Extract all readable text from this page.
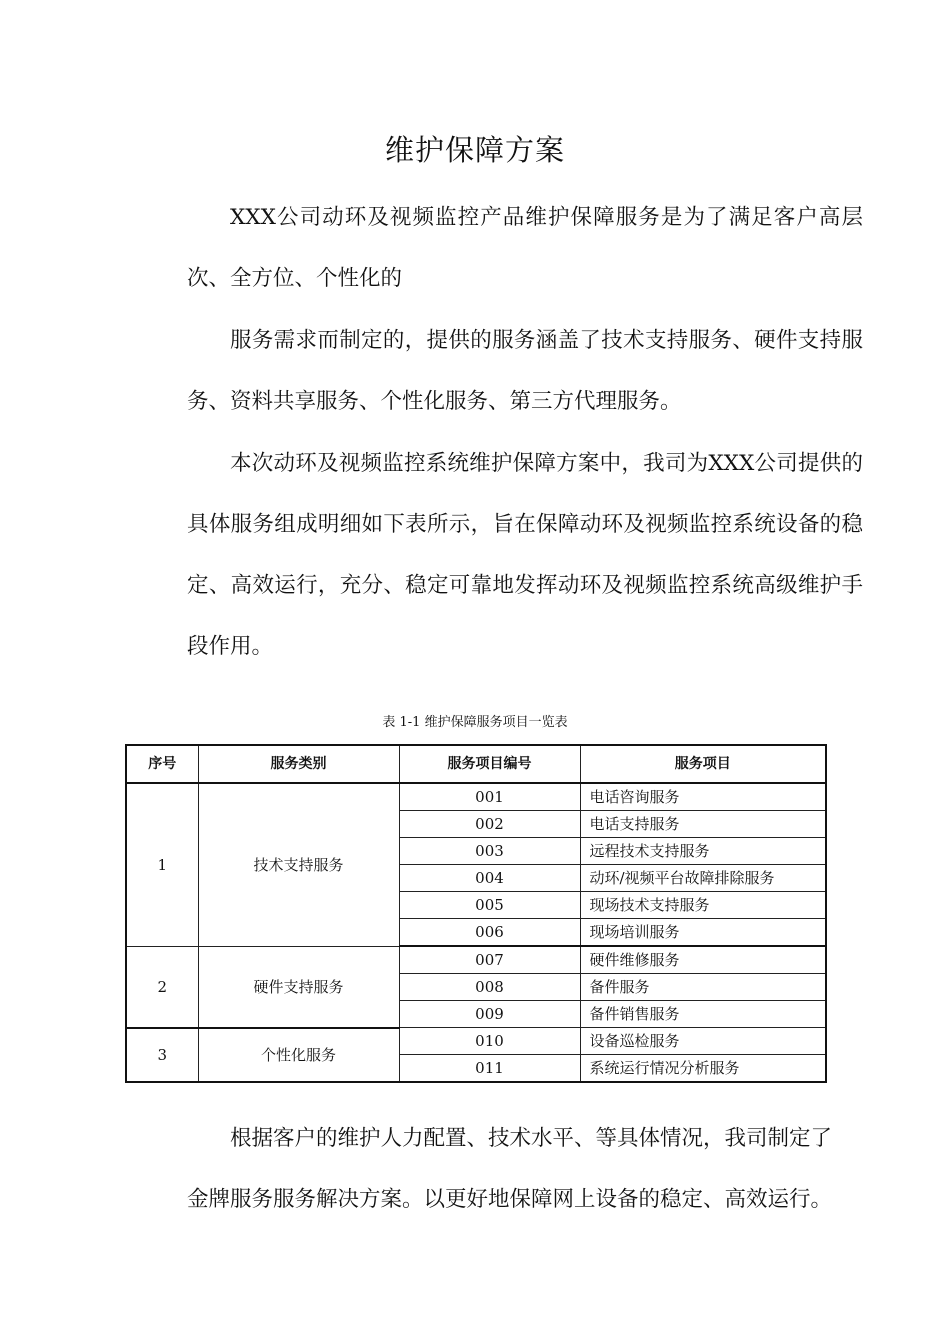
维护保障方案

XXX公司动环及视频监控产品维护保障服务是为了满足客户高层次、全方位、个性化的

服务需求而制定的，提供的服务涵盖了技术支持服务、硬件支持服务、资料共享服务、个性化服务、第三方代理服务。

本次动环及视频监控系统维护保障方案中，我司为XXX公司提供的具体服务组成明细如下表所示，旨在保障动环及视频监控系统设备的稳定、高效运行，充分、稳定可靠地发挥动环及视频监控系统高级维护手段作用。

表 1-1 维护保障服务项目一览表
序号	服务类别	服务项目编号	服务项目
1	技术支持服务	001	电话咨询服务
		002	电话支持服务
		003	远程技术支持服务
		004	动环/视频平台故障排除服务
		005	现场技术支持服务
		006	现场培训服务
2	硬件支持服务	007	硬件维修服务
		008	备件服务
		009	备件销售服务
3	个性化服务	010	设备巡检服务
		011	系统运行情况分析服务

根据客户的维护人力配置、技术水平、等具体情况，我司制定了

金牌服务服务解决方案。以更好地保障网上设备的稳定、高效运行。
